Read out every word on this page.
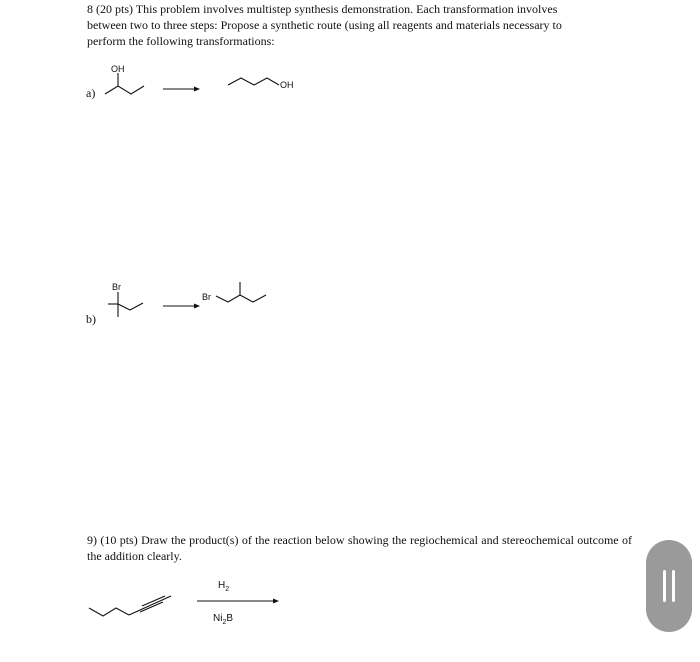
8 (20 pts) This problem involves multistep synthesis demonstration. Each transformation involves between two to three steps: Propose a synthetic route (using all reagents and materials necessary to perform the following transformations:

a)
OH
OH
b)
Br
Br

9) (10 pts) Draw the product(s) of the reaction below showing the regiochemical and stereochemical outcome of the addition clearly.

$H_2$
$Ni_2B$
